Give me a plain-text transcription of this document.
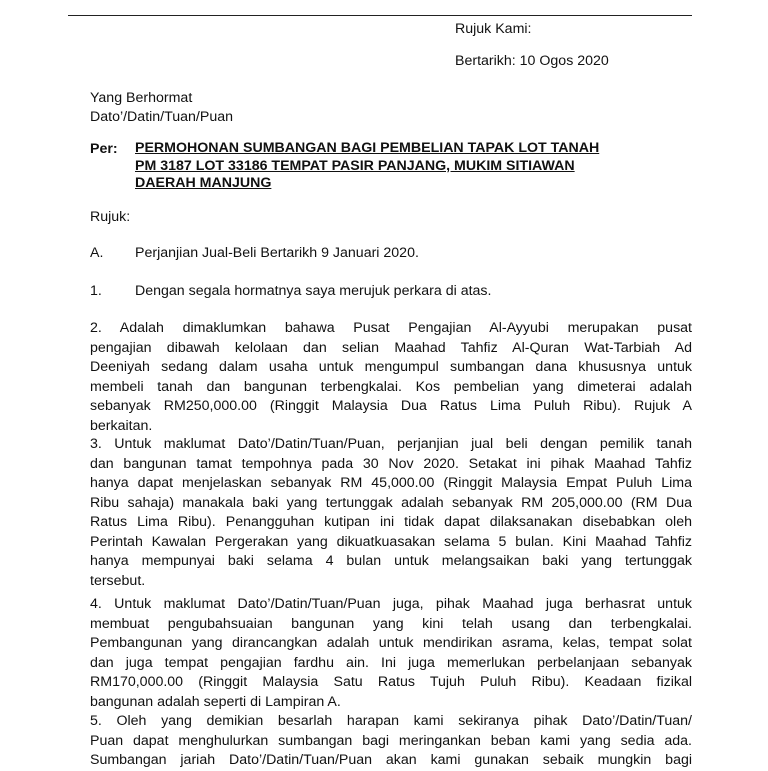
Rujuk Kami:
Bertarikh: 10 Ogos 2020
Yang Berhormat
Dato’/Datin/Tuan/Puan
Per: PERMOHONAN SUMBANGAN BAGI PEMBELIAN TAPAK LOT TANAH
PM 3187 LOT 33186 TEMPAT PASIR PANJANG, MUKIM SITIAWAN
DAERAH MANJUNG
Rujuk:
A. Perjanjian Jual-Beli Bertarikh 9 Januari 2020.
1. Dengan segala hormatnya saya merujuk perkara di atas.
2. Adalah dimaklumkan bahawa Pusat Pengajian Al-Ayyubi merupakan pusat
pengajian dibawah kelolaan dan selian Maahad Tahfiz Al-Quran Wat-Tarbiah Ad
Deeniyah sedang dalam usaha untuk mengumpul sumbangan dana khususnya untuk
membeli tanah dan bangunan terbengkalai. Kos pembelian yang dimeterai adalah
sebanyak RM250,000.00 (Ringgit Malaysia Dua Ratus Lima Puluh Ribu). Rujuk A
berkaitan.
3. Untuk maklumat Dato’/Datin/Tuan/Puan, perjanjian jual beli dengan pemilik tanah
dan bangunan tamat tempohnya pada 30 Nov 2020. Setakat ini pihak Maahad Tahfiz
hanya dapat menjelaskan sebanyak RM 45,000.00 (Ringgit Malaysia Empat Puluh Lima
Ribu sahaja) manakala baki yang tertunggak adalah sebanyak RM 205,000.00 (RM Dua
Ratus Lima Ribu). Penangguhan kutipan ini tidak dapat dilaksanakan disebabkan oleh
Perintah Kawalan Pergerakan yang dikuatkuasakan selama 5 bulan. Kini Maahad Tahfiz
hanya mempunyai baki selama 4 bulan untuk melangsaikan baki yang tertunggak
tersebut.
4. Untuk maklumat Dato’/Datin/Tuan/Puan juga, pihak Maahad juga berhasrat untuk
membuat pengubahsuaian bangunan yang kini telah usang dan terbengkalai.
Pembangunan yang dirancangkan adalah untuk mendirikan asrama, kelas, tempat solat
dan juga tempat pengajian fardhu ain. Ini juga memerlukan perbelanjaan sebanyak
RM170,000.00 (Ringgit Malaysia Satu Ratus Tujuh Puluh Ribu). Keadaan fizikal
bangunan adalah seperti di Lampiran A.
5. Oleh yang demikian besarlah harapan kami sekiranya pihak Dato’/Datin/Tuan/
Puan dapat menghulurkan sumbangan bagi meringankan beban kami yang sedia ada.
Sumbangan jariah Dato’/Datin/Tuan/Puan akan kami gunakan sebaik mungkin bagi
